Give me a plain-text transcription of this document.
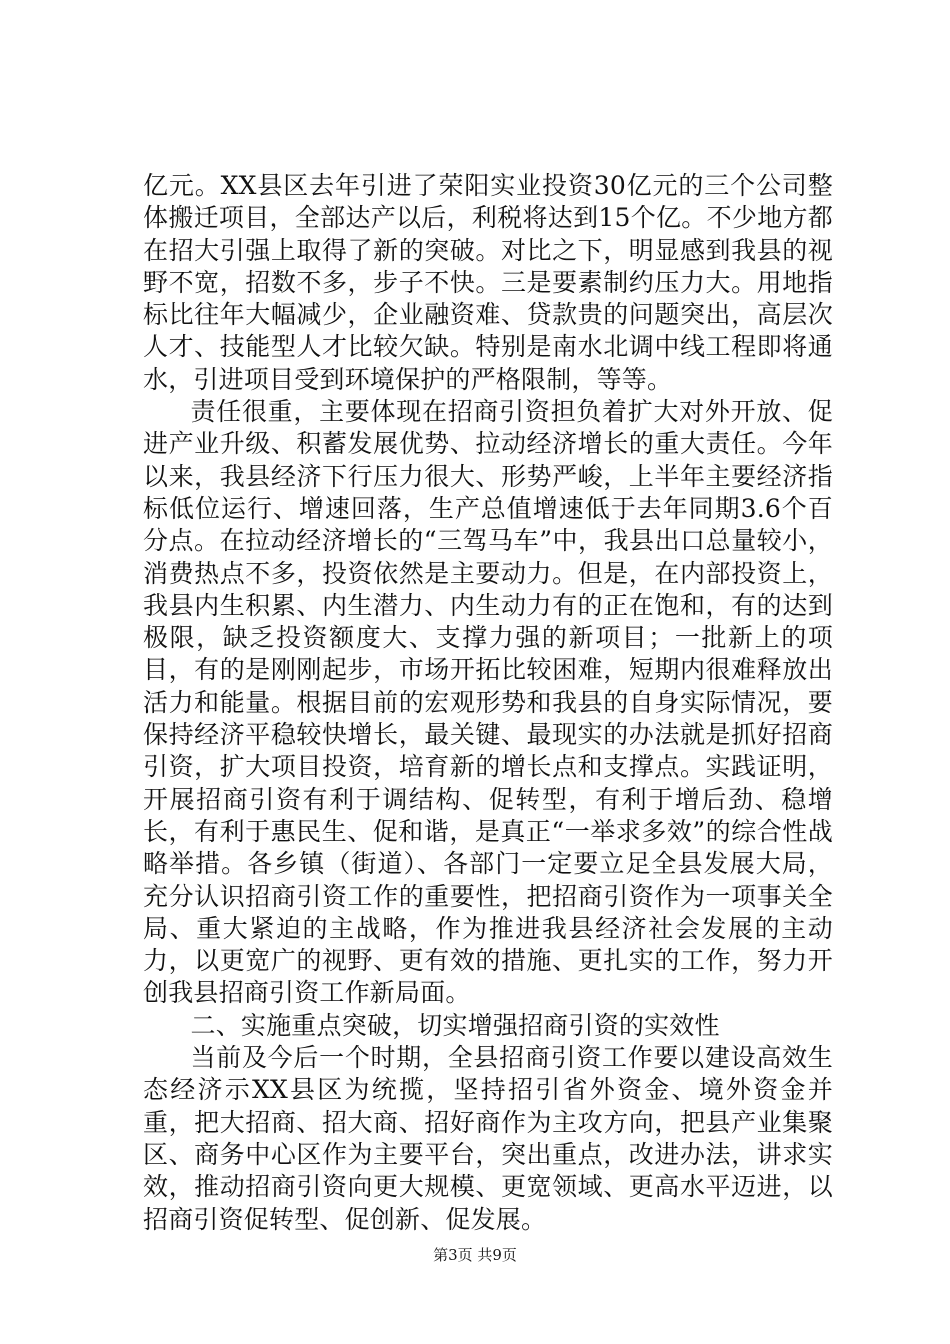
亿元。XX县区去年引进了荣阳实业投资30亿元的三个公司整体搬迁项目，全部达产以后，利税将达到15个亿。不少地方都在招大引强上取得了新的突破。对比之下，明显感到我县的视野不宽，招数不多，步子不快。三是要素制约压力大。用地指标比往年大幅减少，企业融资难、贷款贵的问题突出，高层次人才、技能型人才比较欠缺。特别是南水北调中线工程即将通水，引进项目受到环境保护的严格限制，等等。

责任很重，主要体现在招商引资担负着扩大对外开放、促进产业升级、积蓄发展优势、拉动经济增长的重大责任。今年以来，我县经济下行压力很大、形势严峻，上半年主要经济指标低位运行、增速回落，生产总值增速低于去年同期3.6个百分点。在拉动经济增长的“三驾马车”中，我县出口总量较小，消费热点不多，投资依然是主要动力。但是，在内部投资上，我县内生积累、内生潜力、内生动力有的正在饱和，有的达到极限，缺乏投资额度大、支撑力强的新项目；一批新上的项目，有的是刚刚起步，市场开拓比较困难，短期内很难释放出活力和能量。根据目前的宏观形势和我县的自身实际情况，要保持经济平稳较快增长，最关键、最现实的办法就是抓好招商引资，扩大项目投资，培育新的增长点和支撑点。实践证明，开展招商引资有利于调结构、促转型，有利于增后劲、稳增长，有利于惠民生、促和谐，是真正“一举求多效”的综合性战略举措。各乡镇（街道）、各部门一定要立足全县发展大局，充分认识招商引资工作的重要性，把招商引资作为一项事关全局、重大紧迫的主战略，作为推进我县经济社会发展的主动力，以更宽广的视野、更有效的措施、更扎实的工作，努力开创我县招商引资工作新局面。

二、实施重点突破，切实增强招商引资的实效性

当前及今后一个时期，全县招商引资工作要以建设高效生态经济示XX县区为统揽，坚持招引省外资金、境外资金并重，把大招商、招大商、招好商作为主攻方向，把县产业集聚区、商务中心区作为主要平台，突出重点，改进办法，讲求实效，推动招商引资向更大规模、更宽领域、更高水平迈进，以招商引资促转型、促创新、促发展。

第3页 共9页
